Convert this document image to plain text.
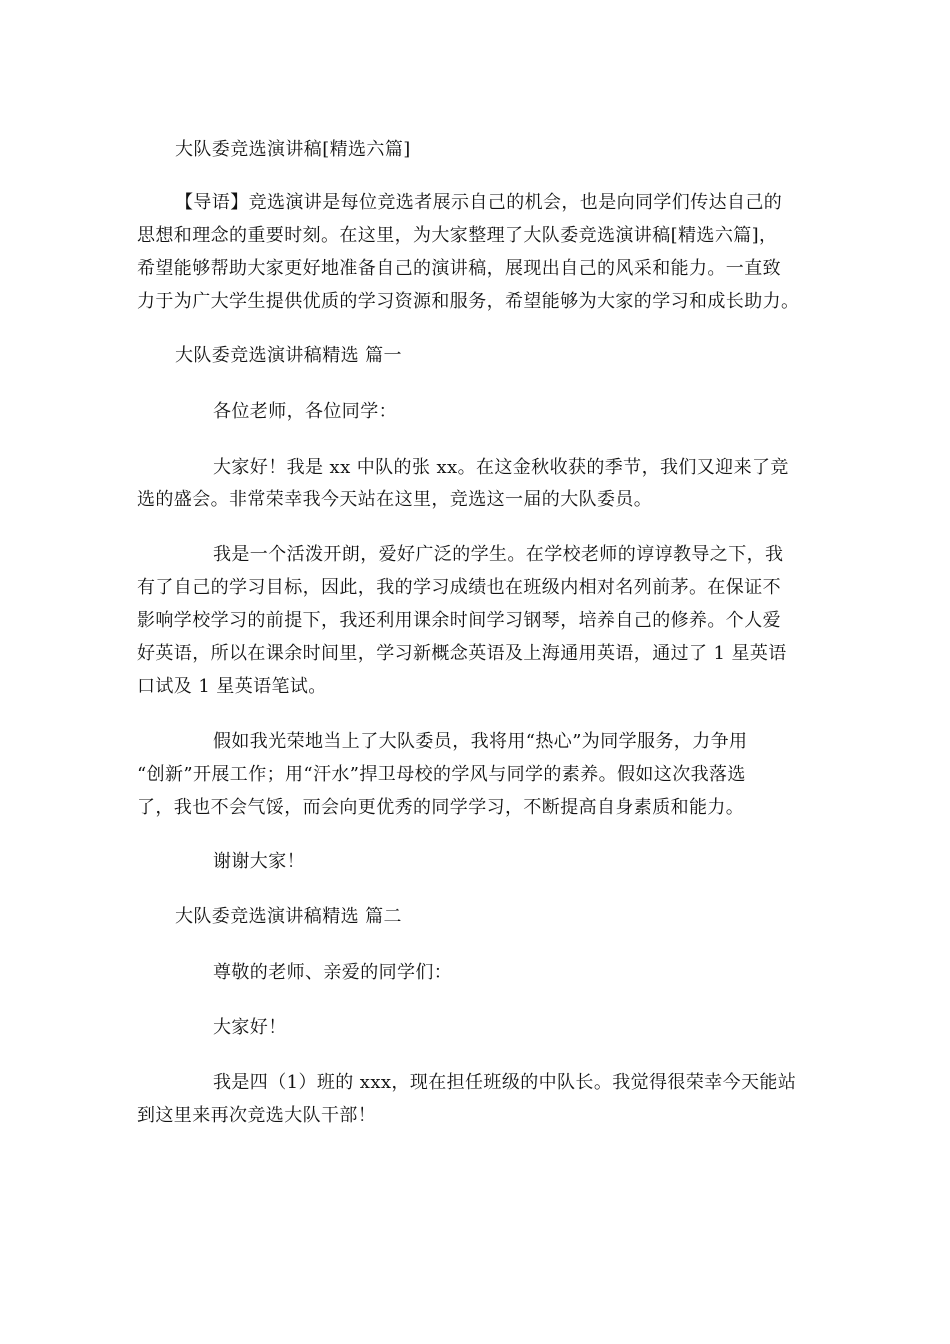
大队委竞选演讲稿[精选六篇]
【导语】竞选演讲是每位竞选者展示自己的机会，也是向同学们传达自己的
思想和理念的重要时刻。在这里，为大家整理了大队委竞选演讲稿[精选六篇]，
希望能够帮助大家更好地准备自己的演讲稿，展现出自己的风采和能力。一直致
力于为广大学生提供优质的学习资源和服务，希望能够为大家的学习和成长助力。
大队委竞选演讲稿精选 篇一
各位老师，各位同学：
大家好！我是 xx 中队的张 xx。在这金秋收获的季节，我们又迎来了竞
选的盛会。非常荣幸我今天站在这里，竞选这一届的大队委员。
我是一个活泼开朗，爱好广泛的学生。在学校老师的谆谆教导之下，我
有了自己的学习目标，因此，我的学习成绩也在班级内相对名列前茅。在保证不
影响学校学习的前提下，我还利用课余时间学习钢琴，培养自己的修养。个人爱
好英语，所以在课余时间里，学习新概念英语及上海通用英语，通过了 1 星英语
口试及 1 星英语笔试。
假如我光荣地当上了大队委员，我将用“热心”为同学服务，力争用
“创新”开展工作；用“汗水”捍卫母校的学风与同学的素养。假如这次我落选
了，我也不会气馁，而会向更优秀的同学学习，不断提高自身素质和能力。
谢谢大家！
大队委竞选演讲稿精选 篇二
尊敬的老师、亲爱的同学们：
大家好！
我是四（1）班的 xxx，现在担任班级的中队长。我觉得很荣幸今天能站
到这里来再次竞选大队干部！
